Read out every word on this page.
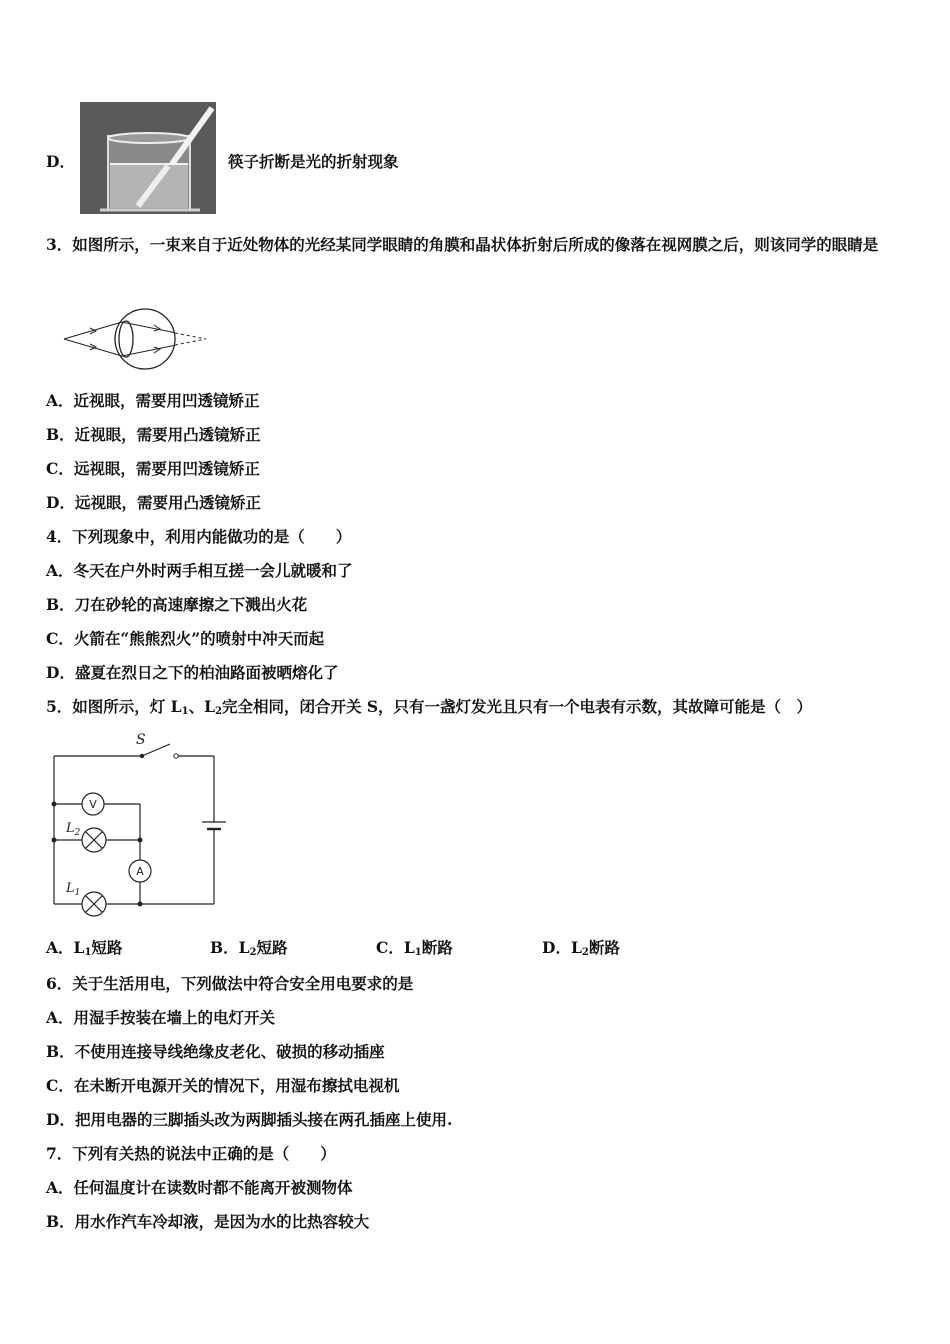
D．	筷子折断是光的折射现象
3．如图所示，一束来自于近处物体的光经某同学眼睛的角膜和晶状体折射后所成的像落在视网膜之后，则该同学的眼睛是
A．近视眼，需要用凹透镜矫正
B．近视眼，需要用凸透镜矫正
C．远视眼，需要用凹透镜矫正
D．远视眼，需要用凸透镜矫正
4．下列现象中，利用内能做功的是（　　）
A．冬天在户外时两手相互搓一会儿就暖和了
B．刀在砂轮的高速摩擦之下溅出火花
C．火箭在“熊熊烈火”的喷射中冲天而起
D．盛夏在烈日之下的柏油路面被晒熔化了
5．如图所示，灯 $L_1$、$L_2$完全相同，闭合开关 S，只有一盏灯发光且只有一个电表有示数，其故障可能是（　）
V
A
S
$L_2$
$L_1$
A．$L_1$短路	B．$L_2$短路	C．$L_1$断路	D．$L_2$断路
6．关于生活用电，下列做法中符合安全用电要求的是
A．用湿手按装在墙上的电灯开关
B．不使用连接导线绝缘皮老化、破损的移动插座
C．在未断开电源开关的情况下，用湿布擦拭电视机
D．把用电器的三脚插头改为两脚插头接在两孔插座上使用.
7．下列有关热的说法中正确的是（　　）
A．任何温度计在读数时都不能离开被测物体
B．用水作汽车冷却液，是因为水的比热容较大
